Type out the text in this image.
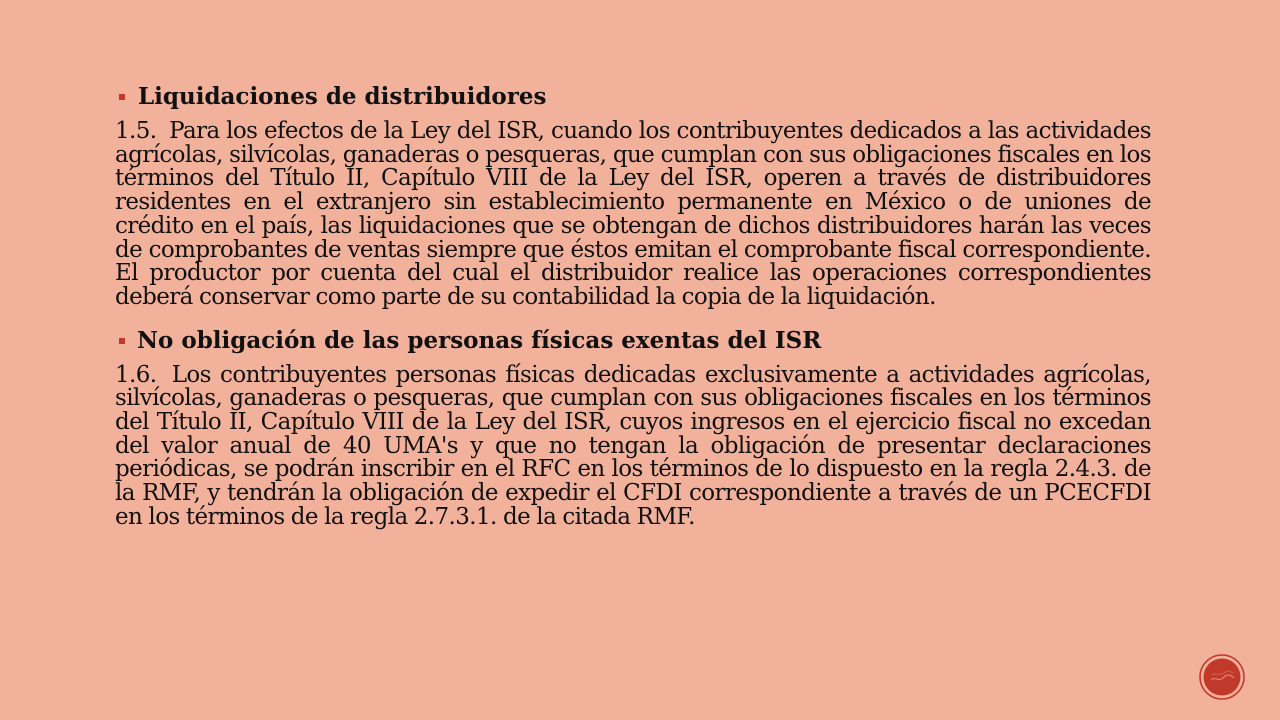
Liquidaciones de distribuidores

1.5. Para los efectos de la Ley del ISR, cuando los contribuyentes dedicados a las actividades agrícolas, silvícolas, ganaderas o pesqueras, que cumplan con sus obligaciones fiscales en los términos del Título II, Capítulo VIII de la Ley del ISR, operen a través de distribuidores residentes en el extranjero sin establecimiento permanente en México o de uniones de crédito en el país, las liquidaciones que se obtengan de dichos distribuidores harán las veces de comprobantes de ventas siempre que éstos emitan el comprobante fiscal correspondiente. El productor por cuenta del cual el distribuidor realice las operaciones correspondientes deberá conservar como parte de su contabilidad la copia de la liquidación.

No obligación de las personas físicas exentas del ISR

1.6. Los contribuyentes personas físicas dedicadas exclusivamente a actividades agrícolas, silvícolas, ganaderas o pesqueras, que cumplan con sus obligaciones fiscales en los términos del Título II, Capítulo VIII de la Ley del ISR, cuyos ingresos en el ejercicio fiscal no excedan del valor anual de 40 UMA's y que no tengan la obligación de presentar declaraciones periódicas, se podrán inscribir en el RFC en los términos de lo dispuesto en la regla 2.4.3. de la RMF, y tendrán la obligación de expedir el CFDI correspondiente a través de un PCECFDI en los términos de la regla 2.7.3.1. de la citada RMF.
